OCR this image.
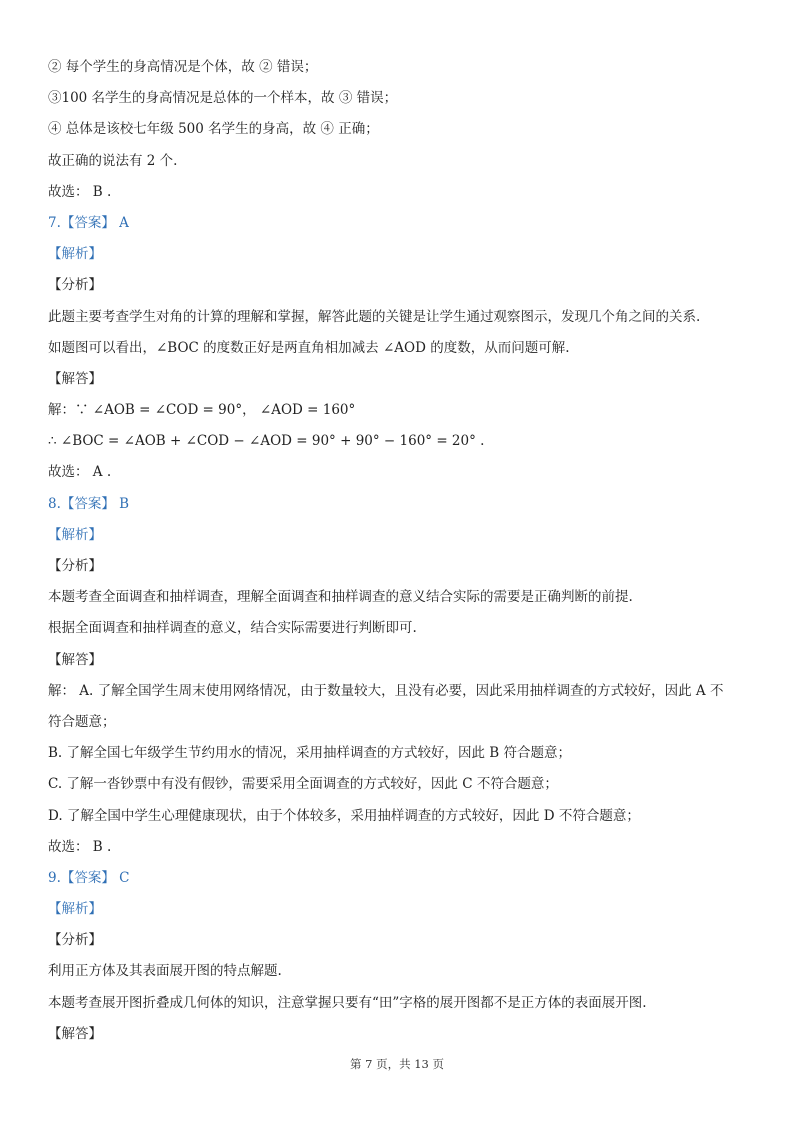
② 每个学生的身高情况是个体，故 ② 错误；
③100 名学生的身高情况是总体的一个样本，故 ③ 错误；
④ 总体是该校七年级 500 名学生的身高，故 ④ 正确；
故正确的说法有 2 个.
故选： B .
7.【答案】 A
【解析】
【分析】
此题主要考查学生对角的计算的理解和掌握，解答此题的关键是让学生通过观察图示，发现几个角之间的关系.
如题图可以看出，∠BOC 的度数正好是两直角相加减去 ∠AOD 的度数，从而问题可解.
【解答】
解：∵ ∠AOB = ∠COD = 90°， ∠AOD = 160°
∴ ∠BOC = ∠AOB + ∠COD − ∠AOD = 90° + 90° − 160° = 20° .
故选： A .
8.【答案】 B
【解析】
【分析】
本题考查全面调查和抽样调查，理解全面调查和抽样调查的意义结合实际的需要是正确判断的前提.
根据全面调查和抽样调查的意义，结合实际需要进行判断即可.
【解答】
解： A. 了解全国学生周末使用网络情况，由于数量较大，且没有必要，因此采用抽样调查的方式较好，因此 A 不
符合题意；
B. 了解全国七年级学生节约用水的情况，采用抽样调查的方式较好，因此 B 符合题意；
C. 了解一沓钞票中有没有假钞，需要采用全面调查的方式较好，因此 C 不符合题意；
D. 了解全国中学生心理健康现状，由于个体较多，采用抽样调查的方式较好，因此 D 不符合题意；
故选： B .
9.【答案】 C
【解析】
【分析】
利用正方体及其表面展开图的特点解题.
本题考查展开图折叠成几何体的知识，注意掌握只要有“田”字格的展开图都不是正方体的表面展开图.
【解答】
第 7 页，共 13 页
